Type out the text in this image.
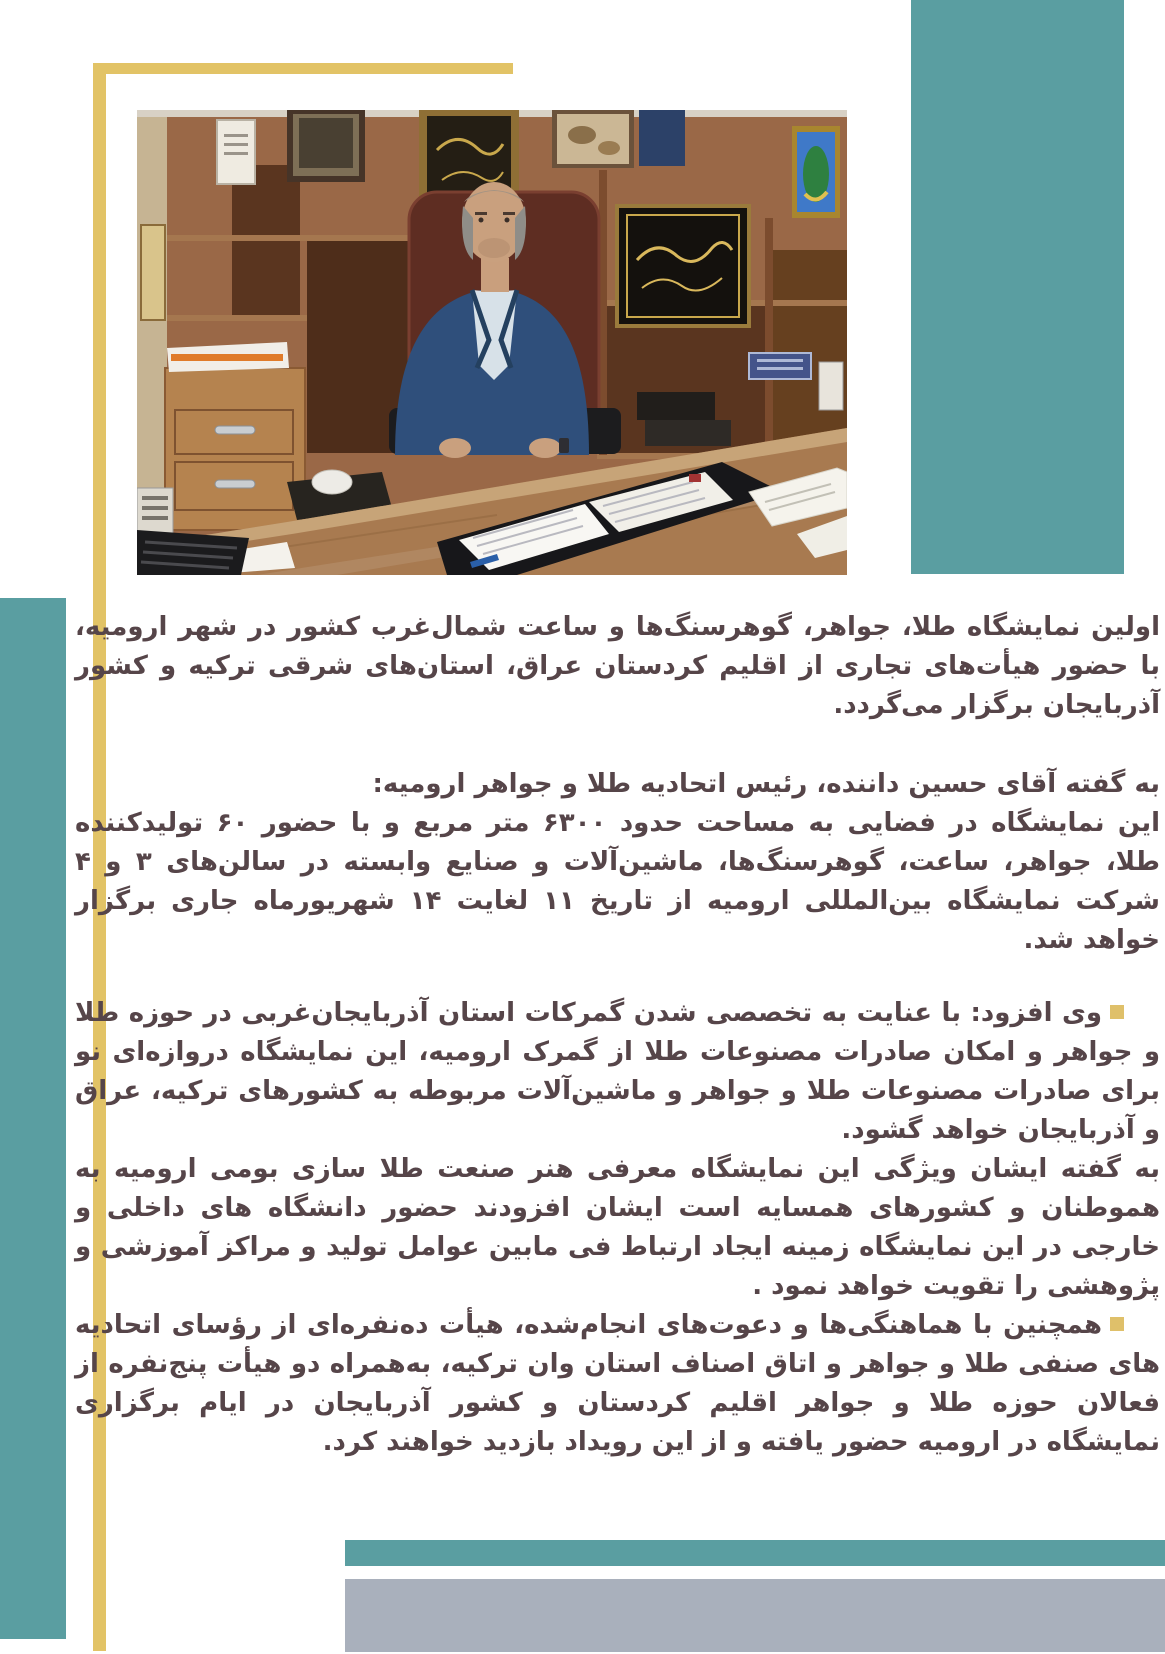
اولین نمایشگاه طلا، جواهر، گوهرسنگ‌ها و ساعت شمال‌غرب کشور در شهر ارومیه، با حضور هیأت‌های تجاری از اقلیم کردستان عراق، استان‌های شرقی ترکیه و کشور آذربایجان برگزار می‌گردد.

به گفته آقای حسین داننده، رئیس اتحادیه طلا و جواهر ارومیه:

این نمایشگاه در فضایی به مساحت حدود ۶۳۰۰ متر مربع و با حضور ۶۰ تولیدکننده طلا، جواهر، ساعت، گوهرسنگ‌ها، ماشین‌آلات و صنایع وابسته در سالن‌های ۳ و ۴ شرکت نمایشگاه بین‌المللی ارومیه از تاریخ ۱۱ لغایت ۱۴ شهریورماه جاری برگزار خواهد شد.

وی افزود: با عنایت به تخصصی شدن گمرکات استان آذربایجان‌غربی در حوزه طلا و جواهر و امکان صادرات مصنوعات طلا از گمرک ارومیه، این نمایشگاه دروازه‌ای نو برای صادرات مصنوعات طلا و جواهر و ماشین‌آلات مربوطه به کشورهای ترکیه، عراق و آذربایجان خواهد گشود.

به گفته ایشان ویژگی این نمایشگاه معرفی هنر صنعت طلا سازی بومی ارومیه به هموطنان و کشورهای همسایه است ایشان افزودند حضور دانشگاه های داخلی و خارجی در این نمایشگاه زمینه ایجاد ارتباط فی مابین عوامل تولید و مراکز آموزشی و پژوهشی را تقویت خواهد نمود .

همچنین با هماهنگی‌ها و دعوت‌های انجام‌شده، هیأت ده‌نفره‌ای از رؤسای اتحادیه های صنفی طلا و جواهر و اتاق اصناف استان وان ترکیه، به‌همراه دو هیأت پنج‌نفره از فعالان حوزه طلا و جواهر اقلیم کردستان و کشور آذربایجان در ایام برگزاری نمایشگاه در ارومیه حضور یافته و از این رویداد بازدید خواهند کرد.
